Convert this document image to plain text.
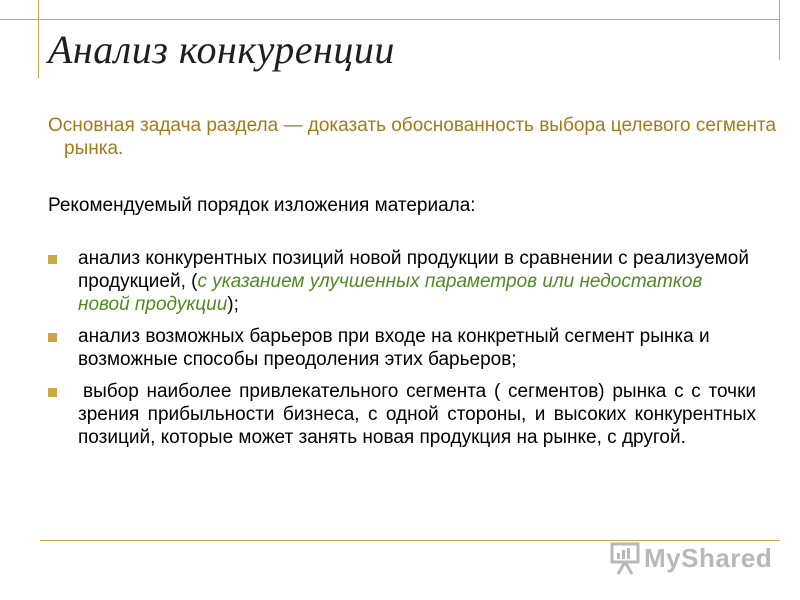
Анализ конкуренции
Основная задача раздела — доказать обоснованность выбора целевого сегмента рынка.
Рекомендуемый порядок изложения материала:
анализ конкурентных позиций новой продукции в сравнении с реализуемой продукцией, (с указанием улучшенных параметров или недостатков новой продукции);
анализ возможных барьеров при входе на конкретный сегмент рынка и возможные способы преодоления этих барьеров;
выбор наиболее привлекательного сегмента ( сегментов) рынка с с точки зрения прибыльности бизнеса, с одной стороны, и высоких конкурентных позиций, которые может занять новая продукция на рынке, с другой.
MyShared
